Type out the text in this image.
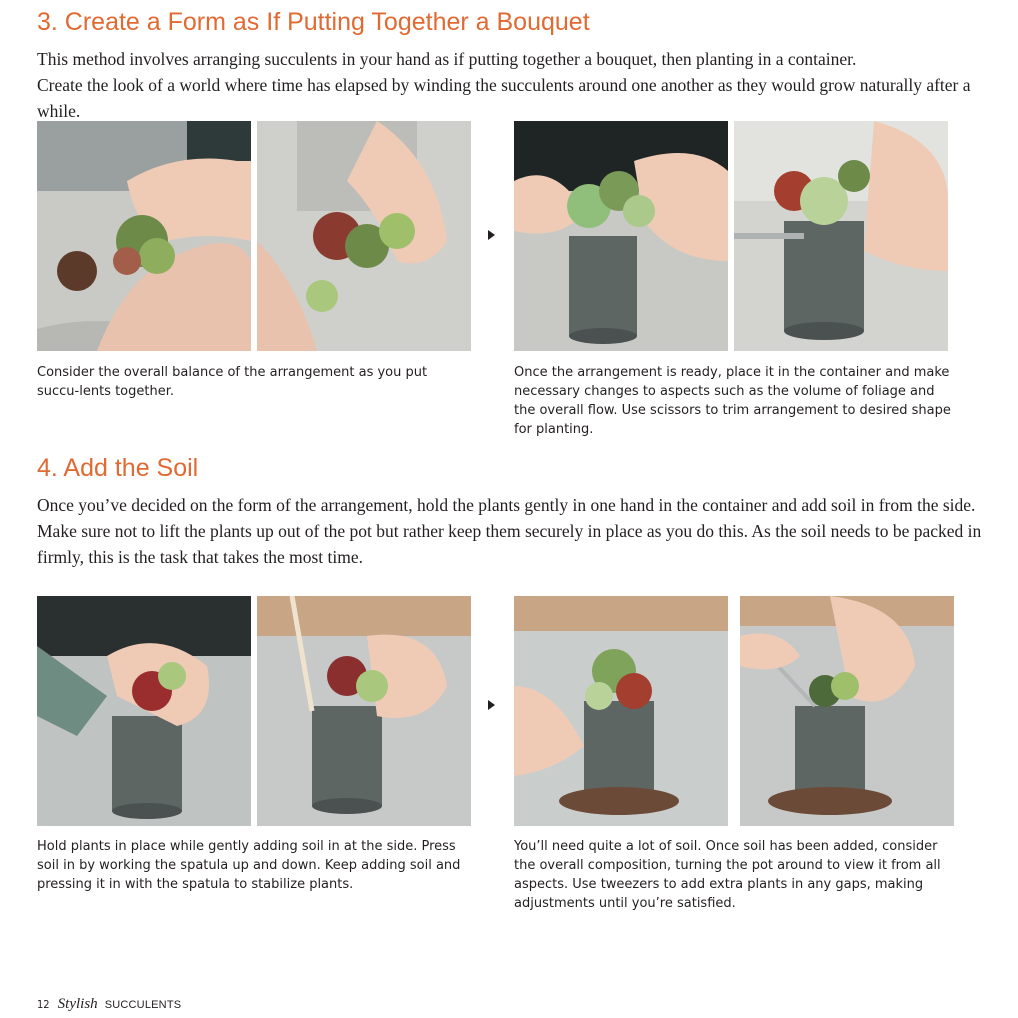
3. Create a Form as If Putting Together a Bouquet

This method involves arranging succulents in your hand as if putting together a bouquet, then planting in a container.
Create the look of a world where time has elapsed by winding the succulents around one another as they would grow naturally after a while.

Consider the overall balance of the arrangement as you put succu-lents together.

Once the arrangement is ready, place it in the container and make necessary changes to aspects such as the volume of foliage and the overall flow. Use scissors to trim arrangement to desired shape for planting.

4. Add the Soil

Once you’ve decided on the form of the arrangement, hold the plants gently in one hand in the container and add soil in from the side. Make sure not to lift the plants up out of the pot but rather keep them securely in place as you do this. As the soil needs to be packed in firmly, this is the task that takes the most time.

Hold plants in place while gently adding soil in at the side. Press soil in by working the spatula up and down. Keep adding soil and pressing it in with the spatula to stabilize plants.

You’ll need quite a lot of soil. Once soil has been added, consider the overall composition, turning the pot around to view it from all aspects. Use tweezers to add extra plants in any gaps, making adjustments until you’re satisfied.

12 Stylish SUCCULENTS
